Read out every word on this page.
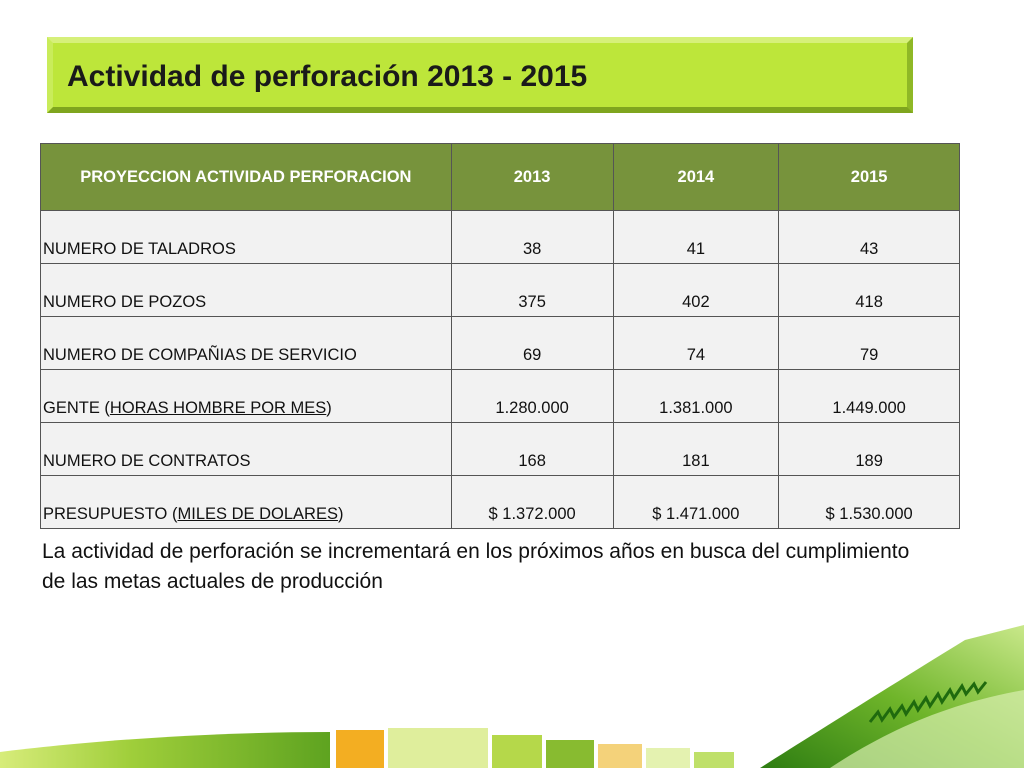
Actividad de perforación 2013 - 2015
PROYECCION ACTIVIDAD PERFORACION	2013	2014	2015
NUMERO DE TALADROS	38	41	43
NUMERO DE POZOS	375	402	418
NUMERO DE COMPAÑIAS DE SERVICIO	69	74	79
GENTE (HORAS HOMBRE POR MES)	1.280.000	1.381.000	1.449.000
NUMERO DE CONTRATOS	168	181	189
PRESUPUESTO (MILES DE DOLARES)	$ 1.372.000	$ 1.471.000	$ 1.530.000

La actividad de perforación se incrementará en los próximos años en busca del cumplimiento de las metas actuales de producción
